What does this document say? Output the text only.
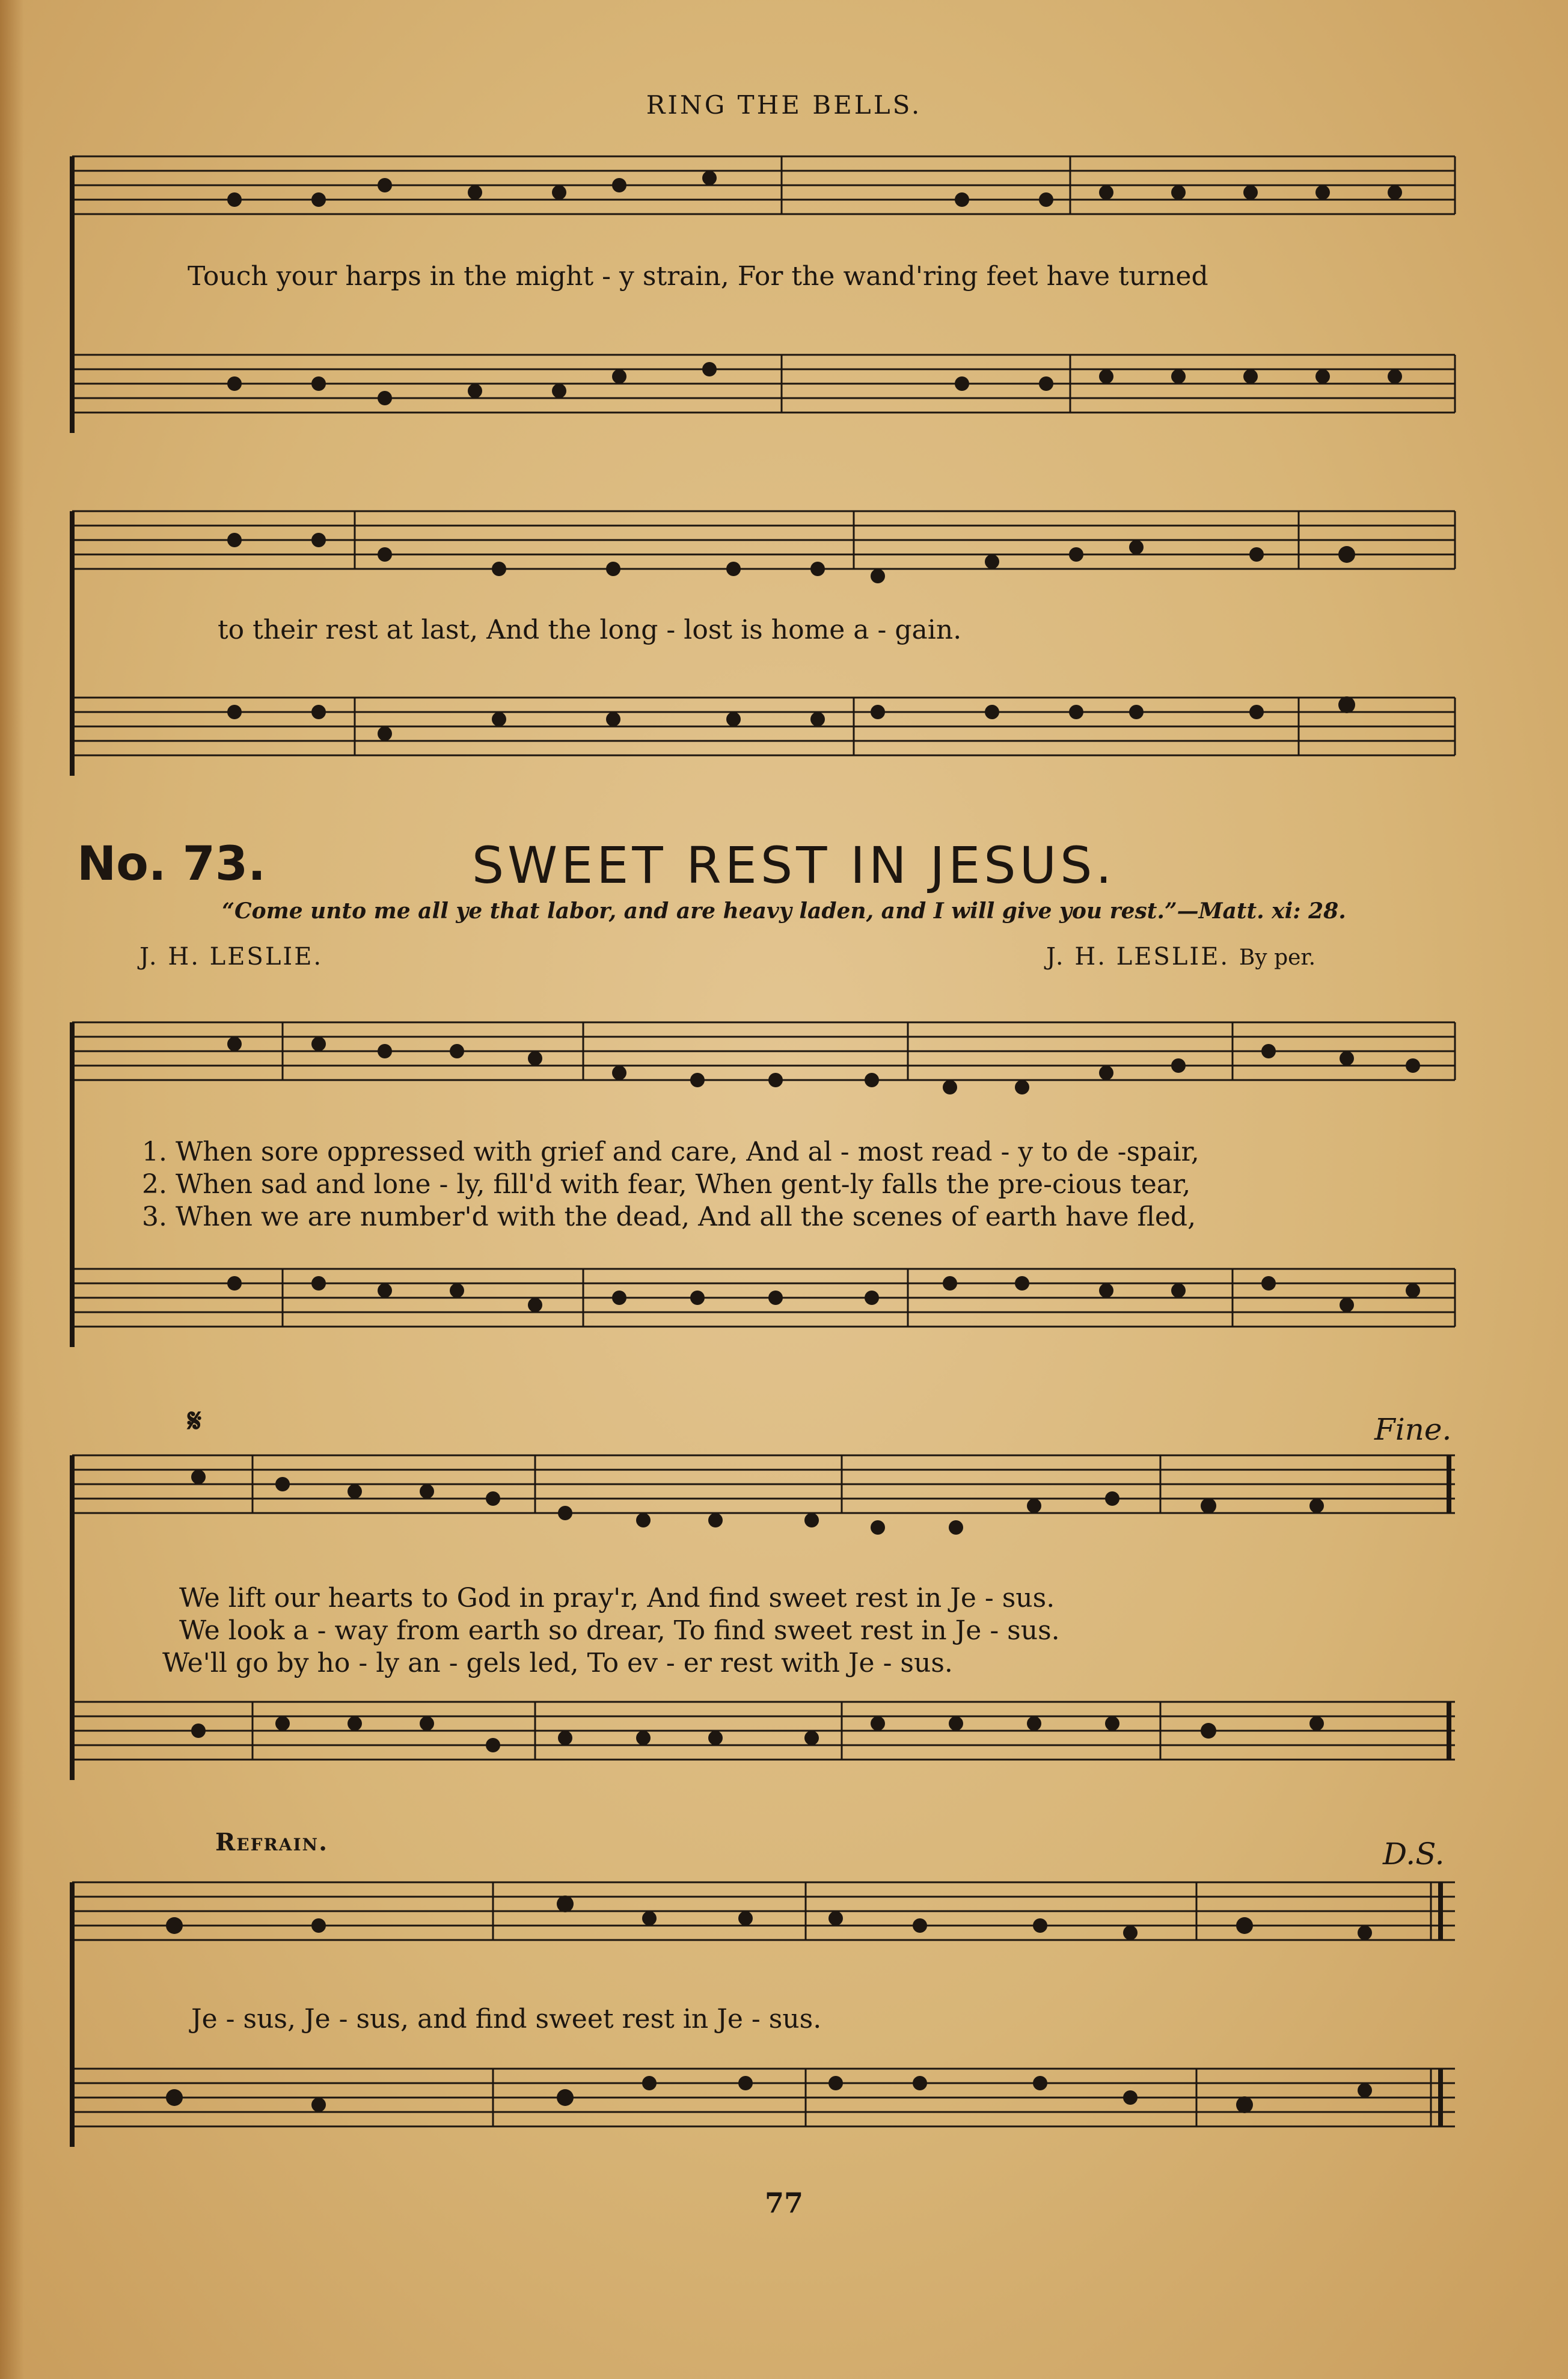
RING THE BELLS.
Touch your harps in the might - y strain, For the wand'ring feet have turned
to their rest at last, And the long - lost is home a - gain.
No. 73.	SWEET REST IN JESUS.
“Come unto me all ye that labor, and are heavy laden, and I will give you rest.”—Matt. xi: 28.
J. H. LESLIE.	J. H. LESLIE. By per.
1. When sore oppressed with grief and care, And al - most read - y to de -spair,
2. When sad and lone - ly, fill'd with fear, When gent-ly falls the pre-cious tear,
3. When we are number'd with the dead, And all the scenes of earth have fled,
𝄋	Fine.
We lift our hearts to God in pray'r, And find sweet rest in Je - sus.
We look a - way from earth so drear, To find sweet rest in Je - sus.
We'll go by ho - ly an - gels led, To ev - er rest with Je - sus.
Refrain.	D.S.
Je - sus, Je - sus, and find sweet rest in Je - sus.
77
